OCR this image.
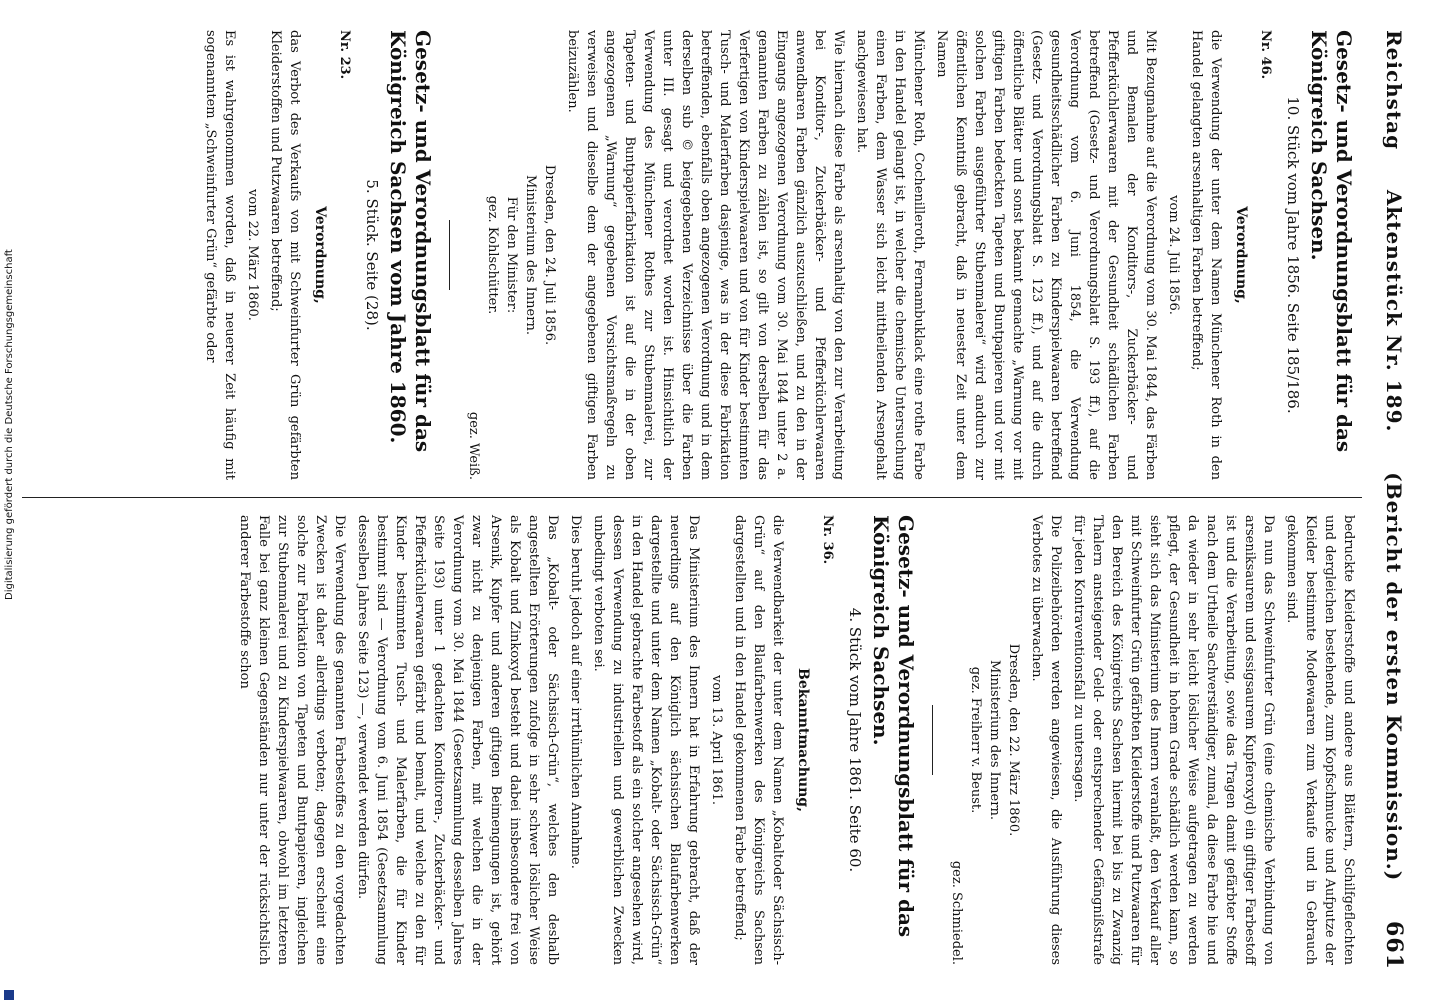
Reichstag
Aktenstück Nr. 189.
(Bericht der ersten Kommission.)
661
Gesetz- und Verordnungsblatt für das Königreich Sachsen.
10. Stück vom Jahre 1856. Seite 185/186.
Nr. 46.
Verordnung,

die Verwendung der unter dem Namen Münchener Roth in den Handel gelangten arsenhaltigen Farben betreffend;

vom 24. Juli 1856.

Mit Bezugnahme auf die Verordnung vom 30. Mai 1844, das Färben und Bemalen der Konditors-, Zuckerbäcker- und Pfefferküchlerwaaren mit der Gesundheit schädlichen Farben betreffend (Gesetz- und Verordnungsblatt S. 193 ff.), auf die Verordnung vom 6. Juni 1854, die Verwendung gesundheitsschädlicher Farben zu Kinderspielwaaren betreffend (Gesetz- und Verordnungsblatt S. 123 ff.), und auf die durch öffentliche Blätter und sonst bekannt gemachte „Warnung vor mit giftigen Farben bedeckten Tapeten und Buntpapieren und vor mit solchen Farben ausgeführter Stubenmalerei“ wird andurch zur öffentlichen Kenntniß gebracht, daß in neuester Zeit unter dem Namen

Münchener Roth, Cochenilleroth, Fernambuklack eine rothe Farbe in den Handel gelangt ist, in welcher die chemische Untersuchung einen Farben, dem Wasser sich leicht mittheilenden Arsengehalt nachgewiesen hat.

Wie hiernach diese Farbe als arsenhaltig von den zur Verarbeitung bei Konditor-, Zuckerbäcker- und Pfefferküchlerwaaren anwendbaren Farben gänzlich auszuschließen, und zu den in der Eingangs angezogenen Verordnung vom 30. Mai 1844 unter 2 a. genannten Farben zu zählen ist, so gilt von derselben für das Verfertigen von Kinderspielwaaren und von für Kinder bestimmten Tusch- und Malerfarben dasjenige, was in der diese Fabrikation betreffenden, ebenfalls oben angezogenen Verordnung und in dem derselben sub © beigegebenen Verzeichnisse über die Farben unter III. gesagt und verordnet worden ist. Hinsichtlich der Verwendung des Münchener Rothes zur Stubenmalerei, zur Tapeten- und Buntpapierfabrikation ist auf die in der oben angezogenen „Warnung“ gegebenen Vorsichtsmaßregeln zu verweisen und dieselbe dem der angegebenen giftigen Farben beizuzählen.

Dresden, den 24. Juli 1856.
Ministerium des Innern.
Für den Minister:
gez. Kohlschütter.
gez. Weiß.
Gesetz- und Verordnungsblatt für das Königreich Sachsen vom Jahre 1860.
5. Stück. Seite (28).
Nr. 23.
Verordnung,

das Verbot des Verkaufs von mit Schweinfurter Grün gefärbten Kleiderstoffen und Putzwaaren betreffend;

vom 22. März 1860.

Es ist wahrgenommen worden, daß in neuerer Zeit häufig mit sogenanntem „Schweinfurter Grün“ gefärbte oder

bedruckte Kleiderstoffe und andere aus Blättern, Schilfgeflechten und dergleichen bestehende, zum Kopfschmucke und Aufputze der Kleider bestimmte Modewaaren zum Verkaufe und in Gebrauch gekommen sind.

Da nun das Schweinfurter Grün (eine chemische Verbindung von arseniksaurem und essigsaurem Kupferoxyd) ein giftiger Farbestoff ist und die Verarbeitung, sowie das Tragen damit gefärbter Stoffe nach dem Urtheile Sachverständiger, zumal, da diese Farbe hie und da wieder in sehr leicht löslicher Weise aufgetragen zu werden pflegt, der Gesundheit in hohem Grade schädlich werden kann, so sieht sich das Ministerium des Innern veranlaßt, den Verkauf aller mit Schweinfurter Grün gefärbten Kleiderstoffe und Putzwaaren für den Bereich des Königreichs Sachsen hiermit bei bis zu Zwanzig Thalern ansteigender Geld- oder entsprechender Gefängnißstrafe für jeden Kontraventionsfall zu untersagen.

Die Polizeibehörden werden angewiesen, die Ausführung dieses Verbotes zu überwachen.

Dresden, den 22. März 1860.
Ministerium des Innern.
gez. Freiherr v. Beust.
gez. Schmiedel.
Gesetz- und Verordnungsblatt für das Königreich Sachsen.
4. Stück vom Jahre 1861. Seite 60.
Nr. 36.
Bekanntmachung,

die Verwendbarkeit der unter dem Namen „Kobaltoder Sächsisch-Grün“ auf den Blaufarbenwerken des Königreichs Sachsen dargestellten und in den Handel gekommenen Farbe betreffend;

vom 13. April 1861.

Das Ministerium des Innern hat in Erfahrung gebracht, daß der neuerdings auf den Königlich sächsischen Blaufarbenwerken dargestellte und unter dem Namen „Kobalt- oder Sächsisch-Grün“ in den Handel gebrachte Farbestoff als ein solcher angesehen wird, dessen Verwendung zu industriellen und gewerblichen Zwecken unbedingt verboten sei.

Dies beruht jedoch auf einer irrthümlichen Annahme.

Das „Kobalt- oder Sächsisch-Grün“, welches den deshalb angestellten Erörterungen zufolge in sehr schwer löslicher Weise als Kobalt und Zinkoxyd besteht und dabei insbesondere frei von Arsenik, Kupfer und anderen giftigen Beimengungen ist, gehört zwar nicht zu denjenigen Farben, mit welchen die in der Verordnung vom 30. Mai 1844 (Gesetzsammlung desselben Jahres Seite 193) unter 1 gedachten Konditoren-, Zuckerbäcker- und Pfefferküchlerwaaren gefärbt und bemalt, und welche zu den für Kinder bestimmten Tusch- und Malerfarben, die für Kinder bestimmt sind — Verordnung vom 6. Juni 1854 (Gesetzsammlung desselben Jahres Seite 123) —, verwendet werden dürfen.

Die Verwendung des genannten Farbestoffes zu den vorgedachten Zwecken ist daher allerdings verboten; dagegen erscheint eine solche zur Fabrikation von Tapeten und Buntpapieren, ingleichen zur Stubenmalerei und zu Kinderspielwaaren, obwohl im letzteren Falle bei ganz kleinen Gegenständen nur unter der rücksichtslich anderer Farbestoffe schon

Digitalisierung gefördert durch die Deutsche Forschungsgemeinschaft
